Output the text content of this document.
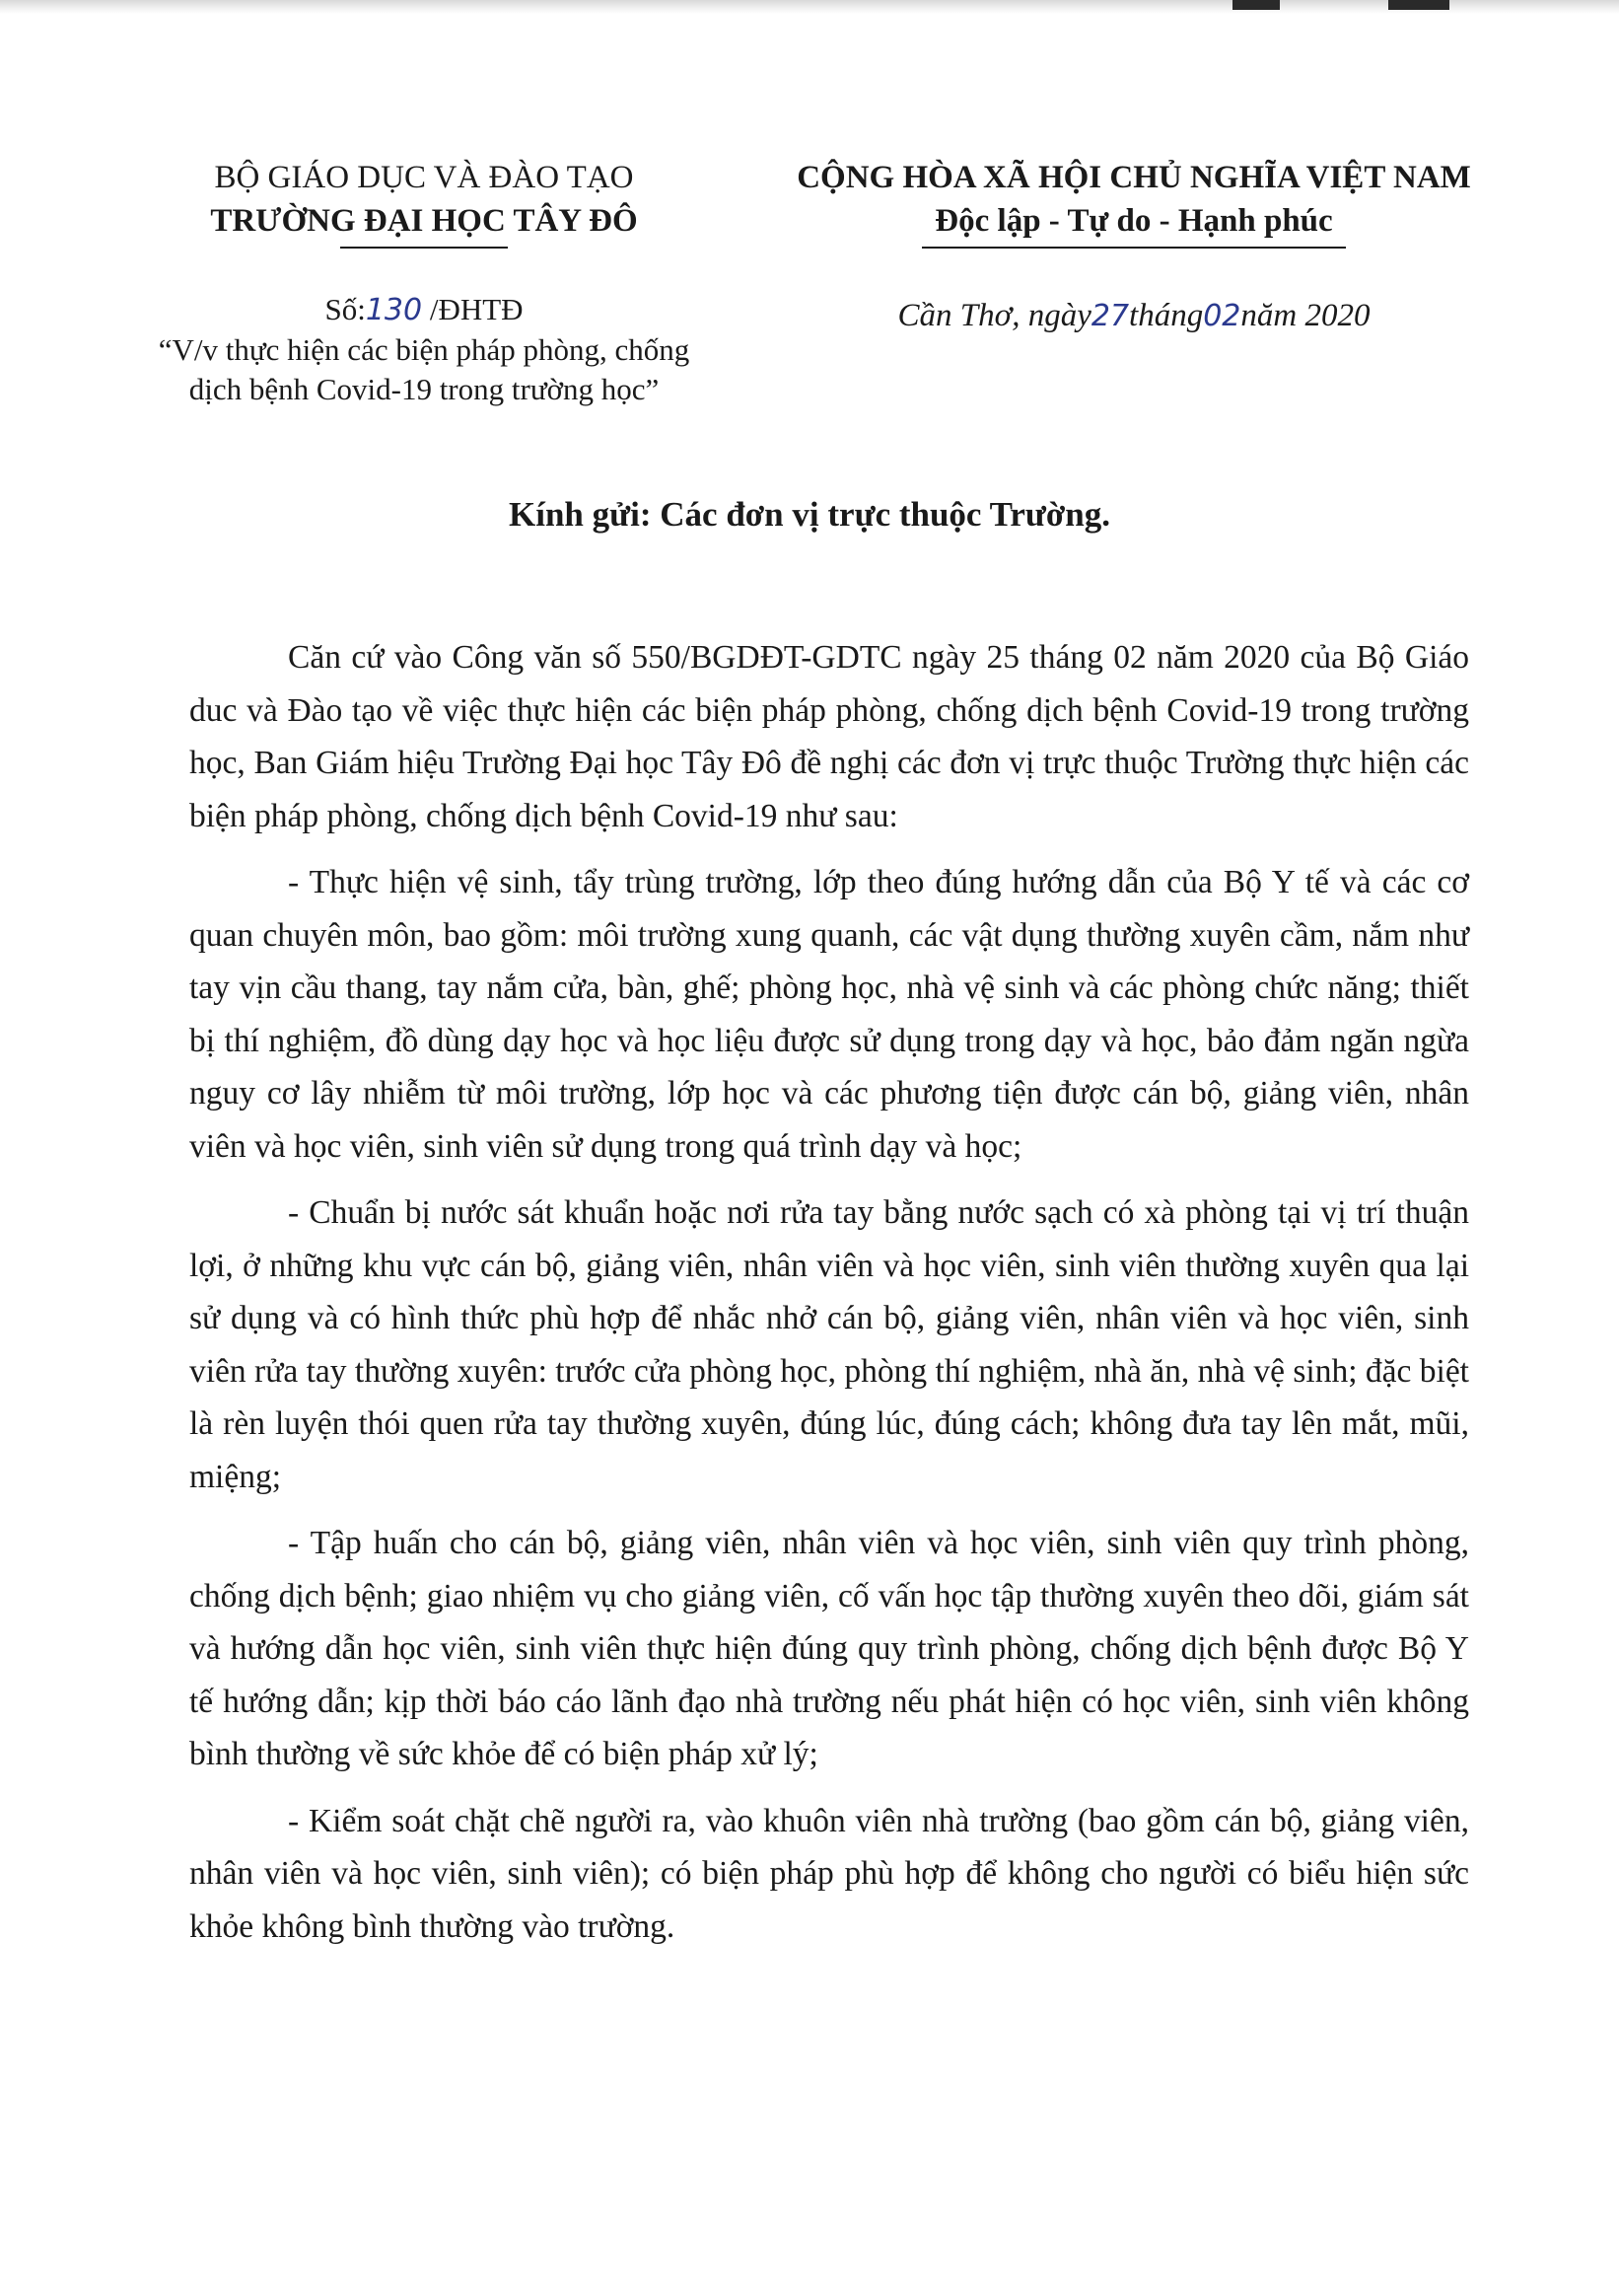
BỘ GIÁO DỤC VÀ ĐÀO TẠO
TRƯỜNG ĐẠI HỌC TÂY ĐÔ
Số:130 /ĐHTĐ
“V/v thực hiện các biện pháp phòng, chống
dịch bệnh Covid-19 trong trường học”
CỘNG HÒA XÃ HỘI CHỦ NGHĨA VIỆT NAM
Độc lập - Tự do - Hạnh phúc
Cần Thơ, ngày27tháng02năm 2020
Kính gửi: Các đơn vị trực thuộc Trường.

Căn cứ vào Công văn số 550/BGDĐT-GDTC ngày 25 tháng 02 năm 2020 của Bộ Giáo duc và Đào tạo về việc thực hiện các biện pháp phòng, chống dịch bệnh Covid-19 trong trường học, Ban Giám hiệu Trường Đại học Tây Đô đề nghị các đơn vị trực thuộc Trường thực hiện các biện pháp phòng, chống dịch bệnh Covid-19 như sau:

- Thực hiện vệ sinh, tẩy trùng trường, lớp theo đúng hướng dẫn của Bộ Y tế và các cơ quan chuyên môn, bao gồm: môi trường xung quanh, các vật dụng thường xuyên cầm, nắm như tay vịn cầu thang, tay nắm cửa, bàn, ghế; phòng học, nhà vệ sinh và các phòng chức năng; thiết bị thí nghiệm, đồ dùng dạy học và học liệu được sử dụng trong dạy và học, bảo đảm ngăn ngừa nguy cơ lây nhiễm từ môi trường, lớp học và các phương tiện được cán bộ, giảng viên, nhân viên và học viên, sinh viên sử dụng trong quá trình dạy và học;

- Chuẩn bị nước sát khuẩn hoặc nơi rửa tay bằng nước sạch có xà phòng tại vị trí thuận lợi, ở những khu vực cán bộ, giảng viên, nhân viên và học viên, sinh viên thường xuyên qua lại sử dụng và có hình thức phù hợp để nhắc nhở cán bộ, giảng viên, nhân viên và học viên, sinh viên rửa tay thường xuyên: trước cửa phòng học, phòng thí nghiệm, nhà ăn, nhà vệ sinh; đặc biệt là rèn luyện thói quen rửa tay thường xuyên, đúng lúc, đúng cách; không đưa tay lên mắt, mũi, miệng;

- Tập huấn cho cán bộ, giảng viên, nhân viên và học viên, sinh viên quy trình phòng, chống dịch bệnh; giao nhiệm vụ cho giảng viên, cố vấn học tập thường xuyên theo dõi, giám sát và hướng dẫn học viên, sinh viên thực hiện đúng quy trình phòng, chống dịch bệnh được Bộ Y tế hướng dẫn; kịp thời báo cáo lãnh đạo nhà trường nếu phát hiện có học viên, sinh viên không bình thường về sức khỏe để có biện pháp xử lý;

- Kiểm soát chặt chẽ người ra, vào khuôn viên nhà trường (bao gồm cán bộ, giảng viên, nhân viên và học viên, sinh viên); có biện pháp phù hợp để không cho người có biểu hiện sức khỏe không bình thường vào trường.
